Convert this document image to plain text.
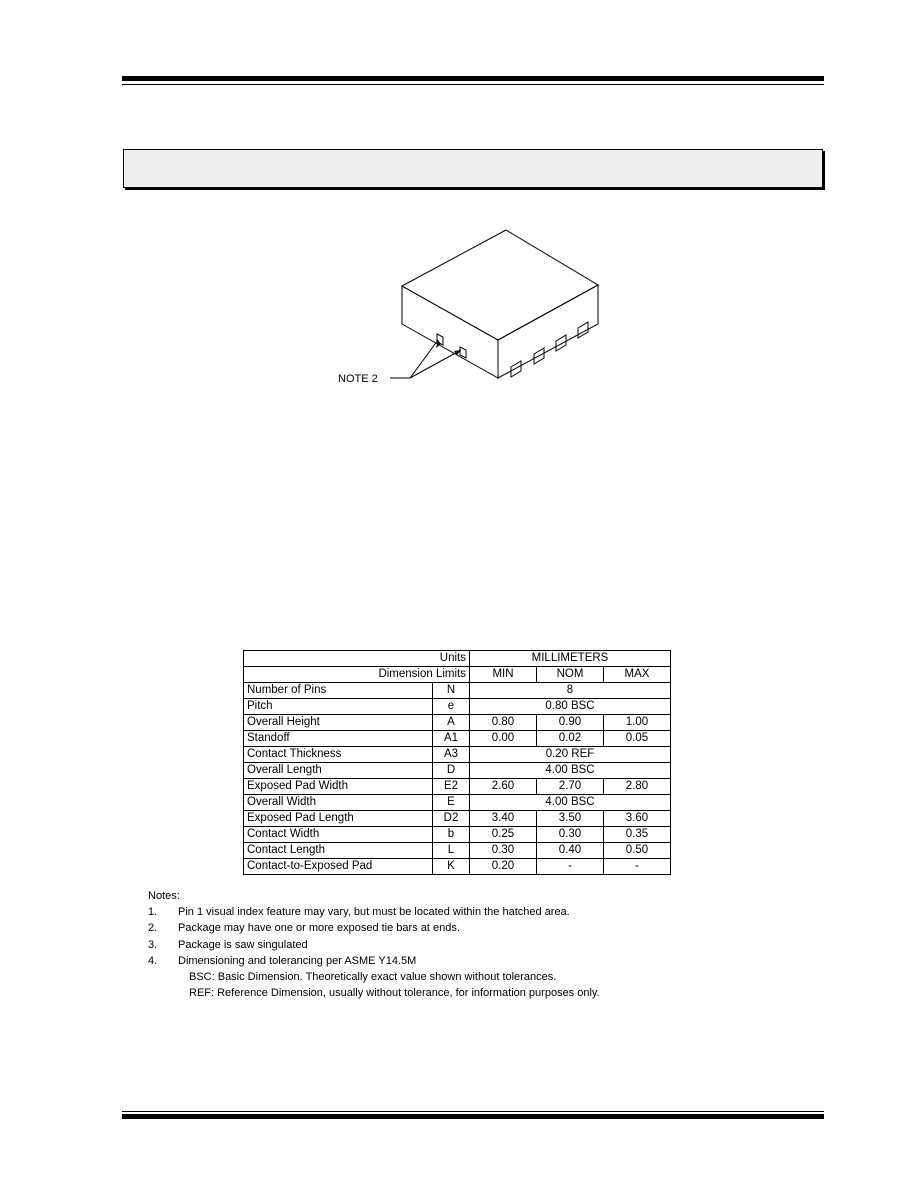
NOTE 2
Units		MILLIMETERS		
Dimension Limits		MIN	NOM	MAX
Number of Pins	N	8		
Pitch	e	0.80 BSC		
Overall Height	A	0.80	0.90	1.00
Standoff	A1	0.00	0.02	0.05
Contact Thickness	A3	0.20 REF		
Overall Length	D	4.00 BSC		
Exposed Pad Width	E2	2.60	2.70	2.80
Overall Width	E	4.00 BSC		
Exposed Pad Length	D2	3.40	3.50	3.60
Contact Width	b	0.25	0.30	0.35
Contact Length	L	0.30	0.40	0.50
Contact-to-Exposed Pad	K	0.20	-	-
Notes:
1. Pin 1 visual index feature may vary, but must be located within the hatched area.
2. Package may have one or more exposed tie bars at ends.
3. Package is saw singulated
4. Dimensioning and tolerancing per ASME Y14.5M
BSC: Basic Dimension. Theoretically exact value shown without tolerances.
REF: Reference Dimension, usually without tolerance, for information purposes only.
